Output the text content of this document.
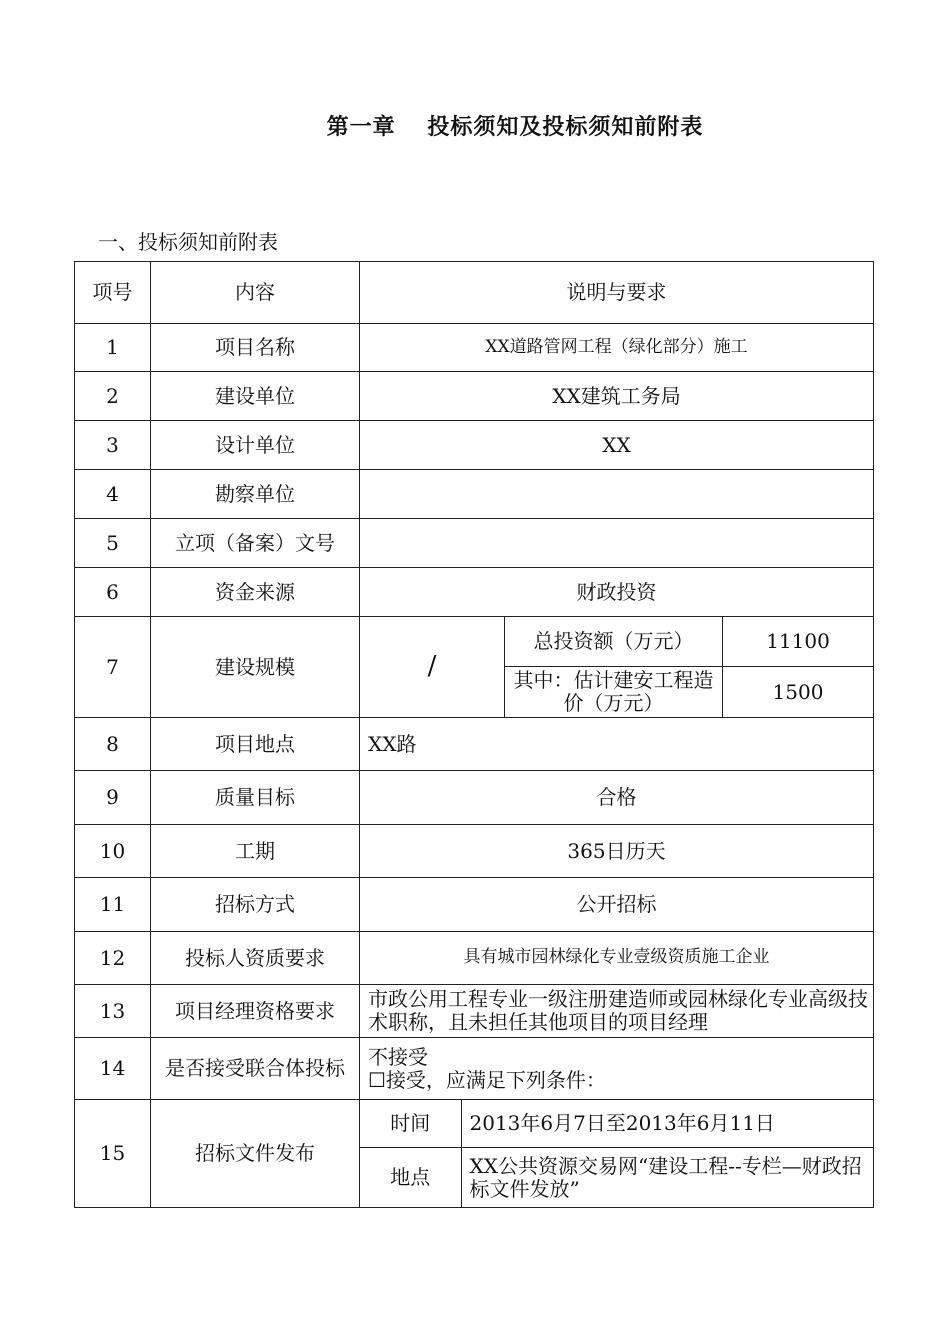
第一章　 投标须知及投标须知前附表
一、投标须知前附表
项号	内容	说明与要求
1	项目名称	XX道路管网工程（绿化部分）施工
2	建设单位	XX建筑工务局
3	设计单位	XX
4	勘察单位	
5	立项（备案）文号	
6	资金来源	财政投资
7	建设规模	/	总投资额（万元）	11100
其中：估计建安工程造价（万元）	1500
8	项目地点	XX路
9	质量目标	合格
10	工期	365日历天
11	招标方式	公开招标
12	投标人资质要求	具有城市园林绿化专业壹级资质施工企业
13	项目经理资格要求	市政公用工程专业一级注册建造师或园林绿化专业高级技术职称，且未担任其他项目的项目经理
14	是否接受联合体投标	不接受
☐接受，应满足下列条件：

15	招标文件发布	
时间	2013年6月7日至2013年6月11日

地点	XX公共资源交易网“建设工程--专栏—财政招标文件发放”
